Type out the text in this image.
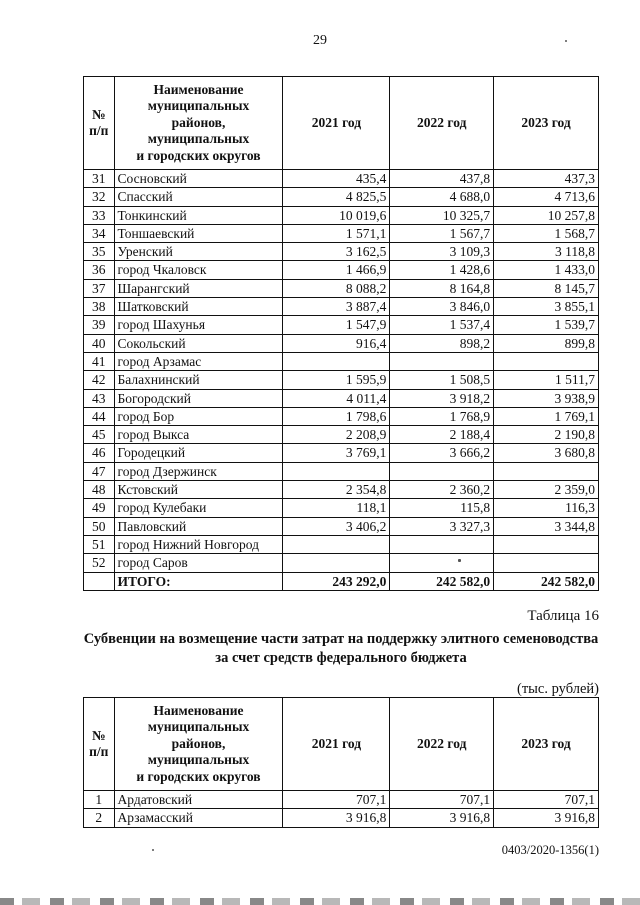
29
№
п/п	Наименование
муниципальных
районов,
муниципальных
и городских округов	2021 год	2022 год	2023 год
31	Сосновский	435,4	437,8	437,3
32	Спасский	4 825,5	4 688,0	4 713,6
33	Тонкинский	10 019,6	10 325,7	10 257,8
34	Тоншаевский	1 571,1	1 567,7	1 568,7
35	Уренский	3 162,5	3 109,3	3 118,8
36	город Чкаловск	1 466,9	1 428,6	1 433,0
37	Шарангский	8 088,2	8 164,8	8 145,7
38	Шатковский	3 887,4	3 846,0	3 855,1
39	город Шахунья	1 547,9	1 537,4	1 539,7
40	Сокольский	916,4	898,2	899,8
41	город Арзамас			
42	Балахнинский	1 595,9	1 508,5	1 511,7
43	Богородский	4 011,4	3 918,2	3 938,9
44	город Бор	1 798,6	1 768,9	1 769,1
45	город Выкса	2 208,9	2 188,4	2 190,8
46	Городецкий	3 769,1	3 666,2	3 680,8
47	город Дзержинск			
48	Кстовский	2 354,8	2 360,2	2 359,0
49	город Кулебаки	118,1	115,8	116,3
50	Павловский	3 406,2	3 327,3	3 344,8
51	город Нижний Новгород			
52	город Саров			
	ИТОГО:	243 292,0	242 582,0	242 582,0
Таблица 16
Субвенции на возмещение части затрат на поддержку элитного семеноводства за счет средств федерального бюджета
(тыс. рублей)
№
п/п	Наименование
муниципальных
районов,
муниципальных
и городских округов	2021 год	2022 год	2023 год
1	Ардатовский	707,1	707,1	707,1
2	Арзамасский	3 916,8	3 916,8	3 916,8
0403/2020-1356(1)
